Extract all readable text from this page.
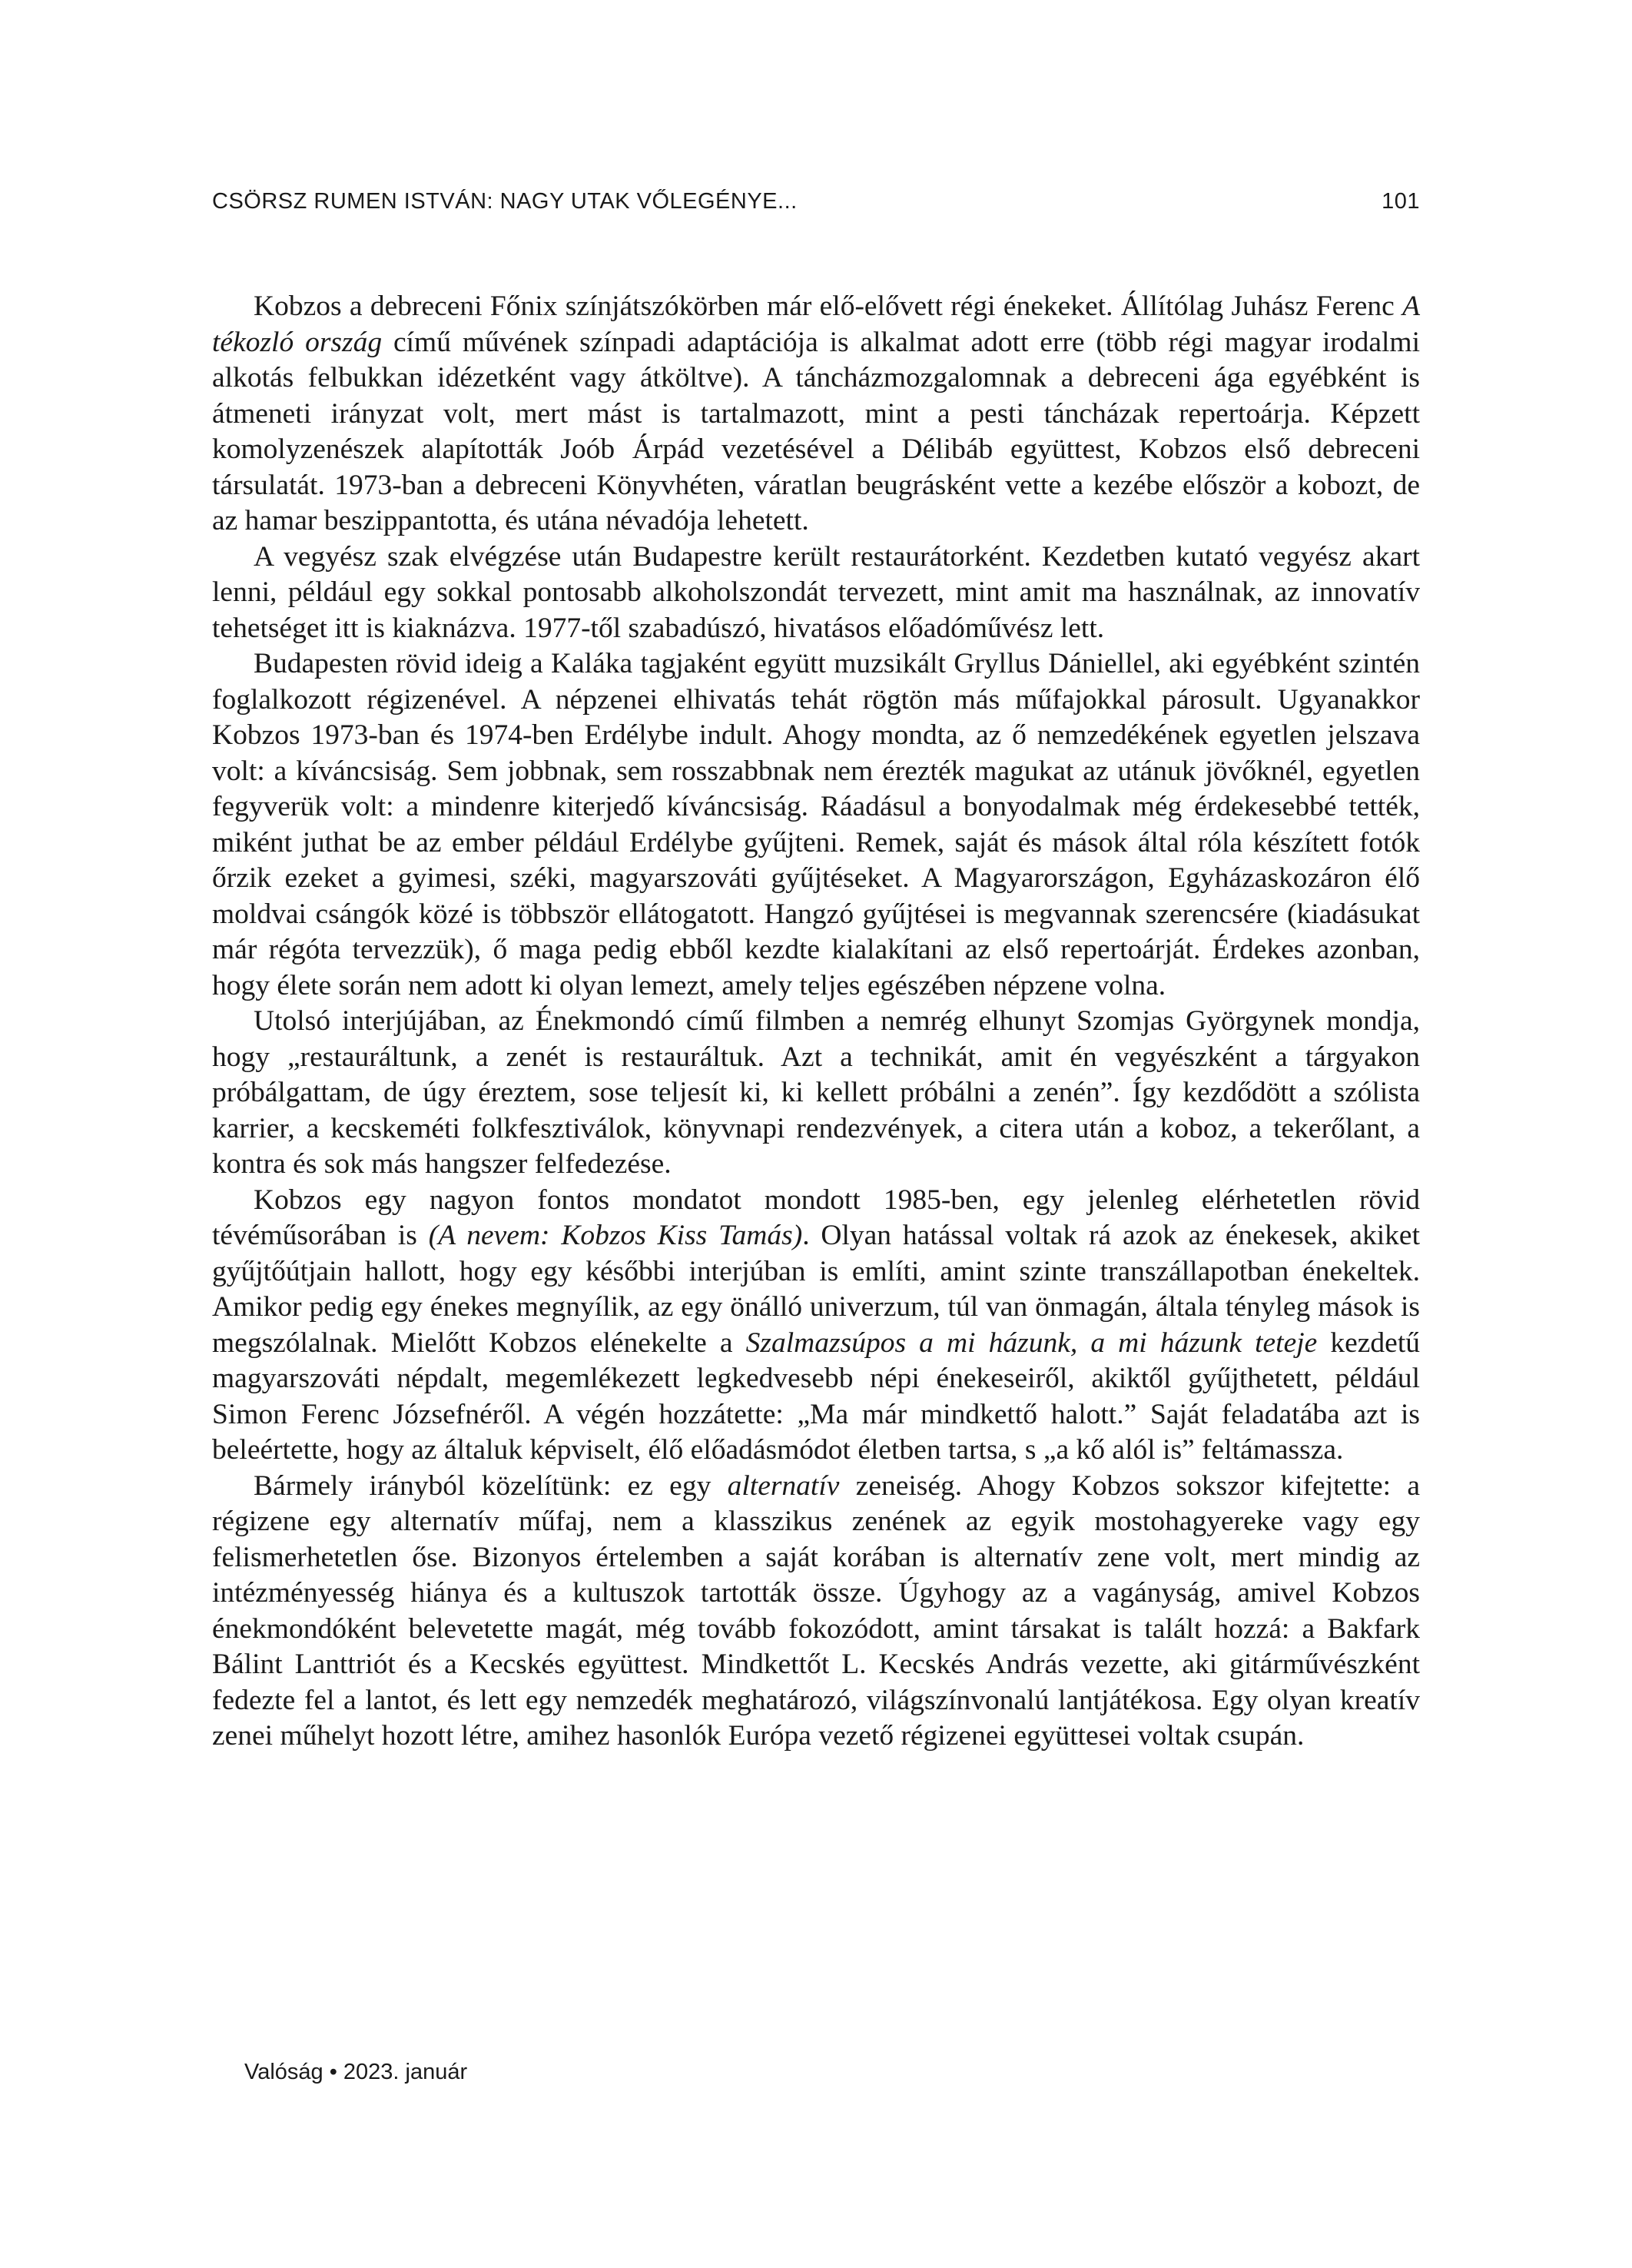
CSÖRSZ RUMEN ISTVÁN: NAGY UTAK VŐLEGÉNYE...	101

Kobzos a debreceni Főnix színjátszókörben már elő-elővett régi énekeket. Állítólag Juhász Ferenc A tékozló ország című művének színpadi adaptációja is alkalmat adott erre (több régi magyar irodalmi alkotás felbukkan idézetként vagy átköltve). A táncházmozgalomnak a debreceni ága egyébként is átmeneti irányzat volt, mert mást is tartalmazott, mint a pesti táncházak repertoárja. Képzett komolyzenészek alapították Joób Árpád vezetésével a Délibáb együttest, Kobzos első debreceni társulatát. 1973-ban a debreceni Könyvhéten, váratlan beugrásként vette a kezébe először a kobozt, de az hamar beszippantotta, és utána névadója lehetett.

A vegyész szak elvégzése után Budapestre került restaurátorként. Kezdetben kutató vegyész akart lenni, például egy sokkal pontosabb alkoholszondát tervezett, mint amit ma használnak, az innovatív tehetséget itt is kiaknázva. 1977-től szabadúszó, hivatásos előadóművész lett.

Budapesten rövid ideig a Kaláka tagjaként együtt muzsikált Gryllus Dániellel, aki egyébként szintén foglalkozott régizenével. A népzenei elhivatás tehát rögtön más műfajokkal párosult. Ugyanakkor Kobzos 1973-ban és 1974-ben Erdélybe indult. Ahogy mondta, az ő nemzedékének egyetlen jelszava volt: a kíváncsiság. Sem jobbnak, sem rosszabbnak nem érezték magukat az utánuk jövőknél, egyetlen fegyverük volt: a mindenre kiterjedő kíváncsiság. Ráadásul a bonyodalmak még érdekesebbé tették, miként juthat be az ember például Erdélybe gyűjteni. Remek, saját és mások által róla készített fotók őrzik ezeket a gyimesi, széki, magyarszováti gyűjtéseket. A Magyarországon, Egyházaskozáron élő moldvai csángók közé is többször ellátogatott. Hangzó gyűjtései is megvannak szerencsére (kiadásukat már régóta tervezzük), ő maga pedig ebből kezdte kialakítani az első repertoárját. Érdekes azonban, hogy élete során nem adott ki olyan lemezt, amely teljes egészében népzene volna.

Utolsó interjújában, az Énekmondó című filmben a nemrég elhunyt Szomjas Györgynek mondja, hogy „restauráltunk, a zenét is restauráltuk. Azt a technikát, amit én vegyészként a tárgyakon próbálgattam, de úgy éreztem, sose teljesít ki, ki kellett próbálni a zenén”. Így kezdődött a szólista karrier, a kecskeméti folkfesztiválok, könyvnapi rendezvények, a citera után a koboz, a tekerőlant, a kontra és sok más hangszer felfedezése.

Kobzos egy nagyon fontos mondatot mondott 1985-ben, egy jelenleg elérhetetlen rövid tévéműsorában is (A nevem: Kobzos Kiss Tamás). Olyan hatással voltak rá azok az énekesek, akiket gyűjtőútjain hallott, hogy egy későbbi interjúban is említi, amint szinte transzállapotban énekeltek. Amikor pedig egy énekes megnyílik, az egy önálló univerzum, túl van önmagán, általa tényleg mások is megszólalnak. Mielőtt Kobzos elénekelte a Szalmazsúpos a mi házunk, a mi házunk teteje kezdetű magyarszováti népdalt, megemlékezett legkedvesebb népi énekeseiről, akiktől gyűjthetett, például Simon Ferenc Józsefnéről. A végén hozzátette: „Ma már mindkettő halott.” Saját feladatába azt is beleértette, hogy az általuk képviselt, élő előadásmódot életben tartsa, s „a kő alól is” feltámassza.

Bármely irányból közelítünk: ez egy alternatív zeneiség. Ahogy Kobzos sokszor kifejtette: a régizene egy alternatív műfaj, nem a klasszikus zenének az egyik mostohagyereke vagy egy felismerhetetlen őse. Bizonyos értelemben a saját korában is alternatív zene volt, mert mindig az intézményesség hiánya és a kultuszok tartották össze. Úgyhogy az a vagányság, amivel Kobzos énekmondóként belevetette magát, még tovább fokozódott, amint társakat is talált hozzá: a Bakfark Bálint Lanttriót és a Kecskés együttest. Mindkettőt L. Kecskés András vezette, aki gitárművészként fedezte fel a lantot, és lett egy nemzedék meghatározó, világszínvonalú lantjátékosa. Egy olyan kreatív zenei műhelyt hozott létre, amihez hasonlók Európa vezető régizenei együttesei voltak csupán.

Valóság • 2023. január
